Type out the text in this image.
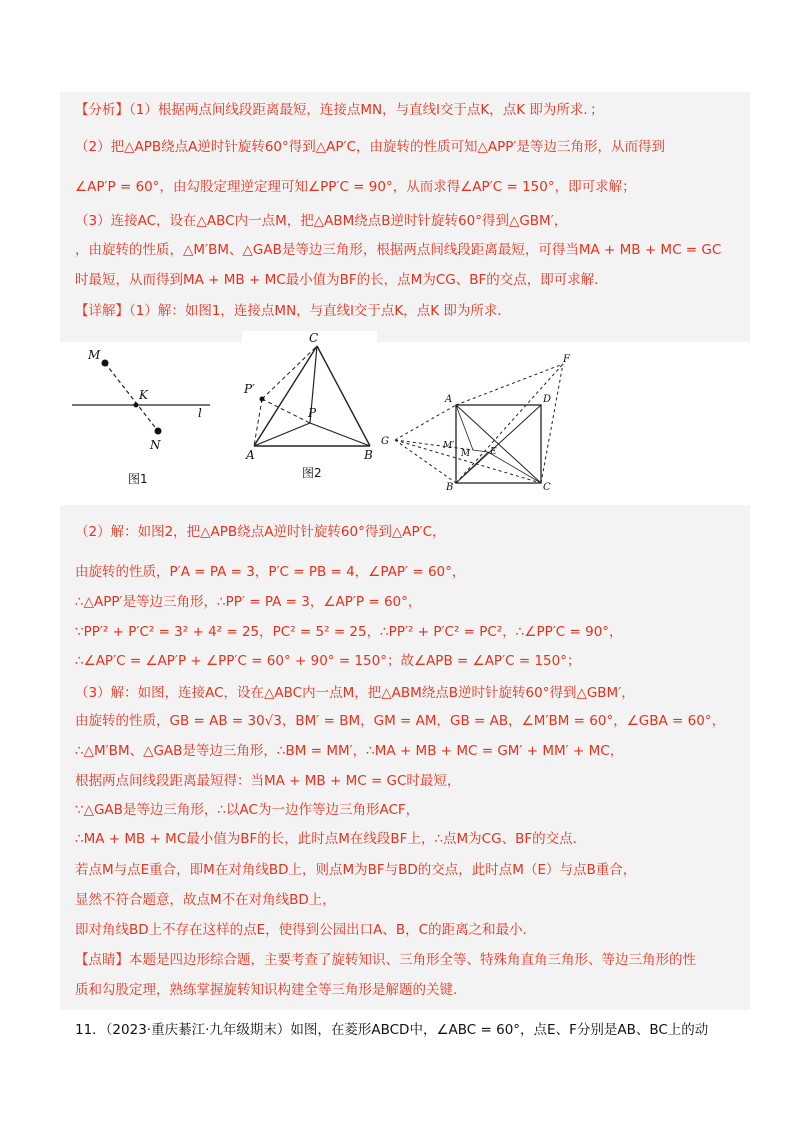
【分析】（1）根据两点间线段距离最短，连接点MN，与直线l交于点K，点K 即为所求．；
（2）把△APB绕点A逆时针旋转60°得到△AP′C，由旋转的性质可知△APP′是等边三角形，从而得到
∠AP′P = 60°，由勾股定理逆定理可知∠PP′C = 90°，从而求得∠AP′C = 150°，即可求解；
（3）连接AC，设在△ABC内一点M，把△ABM绕点B逆时针旋转60°得到△GBM′，
，由旋转的性质，△M′BM、△GAB是等边三角形，根据两点间线段距离最短，可得当MA + MB + MC = GC
时最短，从而得到MA + MB + MC最小值为BF的长，点M为CG、BF的交点，即可求解．
【详解】（1）解：如图1，连接点MN，与直线l交于点K，点K 即为所求．
M
K
N
l
图1
C
P′
P
A	B
图2
F
A	D
G	M′
M E
B	C
（2）解：如图2，把△APB绕点A逆时针旋转60°得到△AP′C，
由旋转的性质，P′A = PA = 3，P′C = PB = 4，∠PAP′ = 60°，
∴△APP′是等边三角形，∴PP′ = PA = 3，∠AP′P = 60°，
∵PP′² + P′C² = 3² + 4² = 25，PC² = 5² = 25，∴PP′² + P′C² = PC²，∴∠PP′C = 90°，
∴∠AP′C = ∠AP′P + ∠PP′C = 60° + 90° = 150°；故∠APB = ∠AP′C = 150°；
（3）解：如图，连接AC，设在△ABC内一点M，把△ABM绕点B逆时针旋转60°得到△GBM′，
由旋转的性质，GB = AB = 30√3，BM′ = BM，GM = AM，GB = AB，∠M′BM = 60°，∠GBA = 60°，
∴△M′BM、△GAB是等边三角形，∴BM = MM′，∴MA + MB + MC = GM′ + MM′ + MC，
根据两点间线段距离最短得：当MA + MB + MC = GC时最短，
∵△GAB是等边三角形，∴以AC为一边作等边三角形ACF，
∴MA + MB + MC最小值为BF的长，此时点M在线段BF上，∴点M为CG、BF的交点．
若点M与点E重合，即M在对角线BD上，则点M为BF与BD的交点，此时点M（E）与点B重合，
显然不符合题意，故点M不在对角线BD上，
即对角线BD上不存在这样的点E，使得到公园出口A、B，C的距离之和最小．
【点睛】本题是四边形综合题，主要考查了旋转知识、三角形全等、特殊角直角三角形、等边三角形的性
质和勾股定理，熟练掌握旋转知识构建全等三角形是解题的关键．
11．（2023·重庆綦江·九年级期末）如图，在菱形ABCD中，∠ABC = 60°，点E、F分别是AB、BC上的动
